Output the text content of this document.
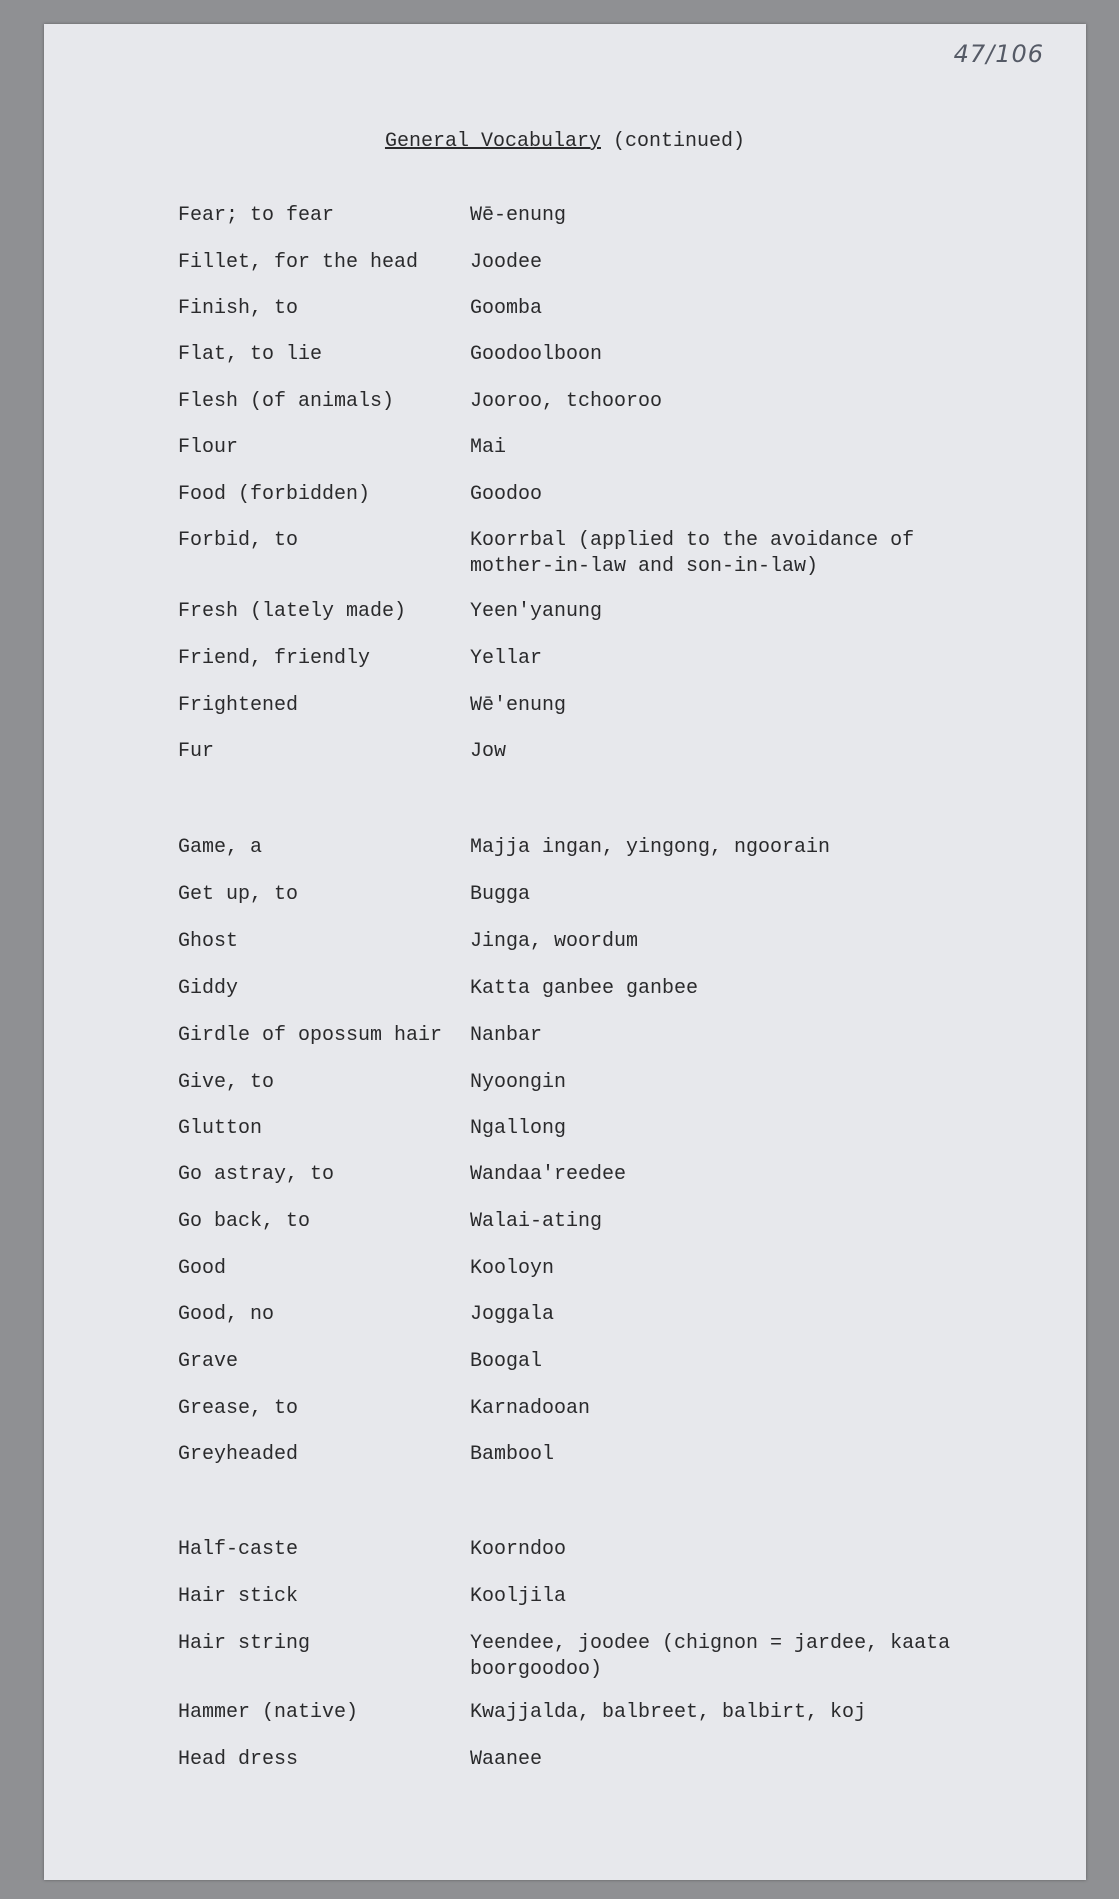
47/106
General Vocabulary (continued)
Fear; to fear	Wē-enung
Fillet, for the head	Joodee
Finish, to	Goomba
Flat, to lie	Goodoolboon
Flesh (of animals)	Jooroo, tchooroo
Flour	Mai
Food (forbidden)	Goodoo
Forbid, to	Koorrbal (applied to the avoidance of
mother-in-law and son-in-law)
Fresh (lately made)	Yeen'yanung
Friend, friendly	Yellar
Frightened	Wē'enung
Fur	Jow
Game, a	Majja ingan, yingong, ngoorain
Get up, to	Bugga
Ghost	Jinga, woordum
Giddy	Katta ganbee ganbee
Girdle of opossum hair	Nanbar
Give, to	Nyoongin
Glutton	Ngallong
Go astray, to	Wandaa'reedee
Go back, to	Walai-ating
Good	Kooloyn
Good, no	Joggala
Grave	Boogal
Grease, to	Karnadooan
Greyheaded	Bambool
Half-caste	Koorndoo
Hair stick	Kooljila
Hair string	Yeendee, joodee (chignon = jardee, kaata
boorgoodoo)
Hammer (native)	Kwajjalda, balbreet, balbirt, koj
Head dress	Waanee
